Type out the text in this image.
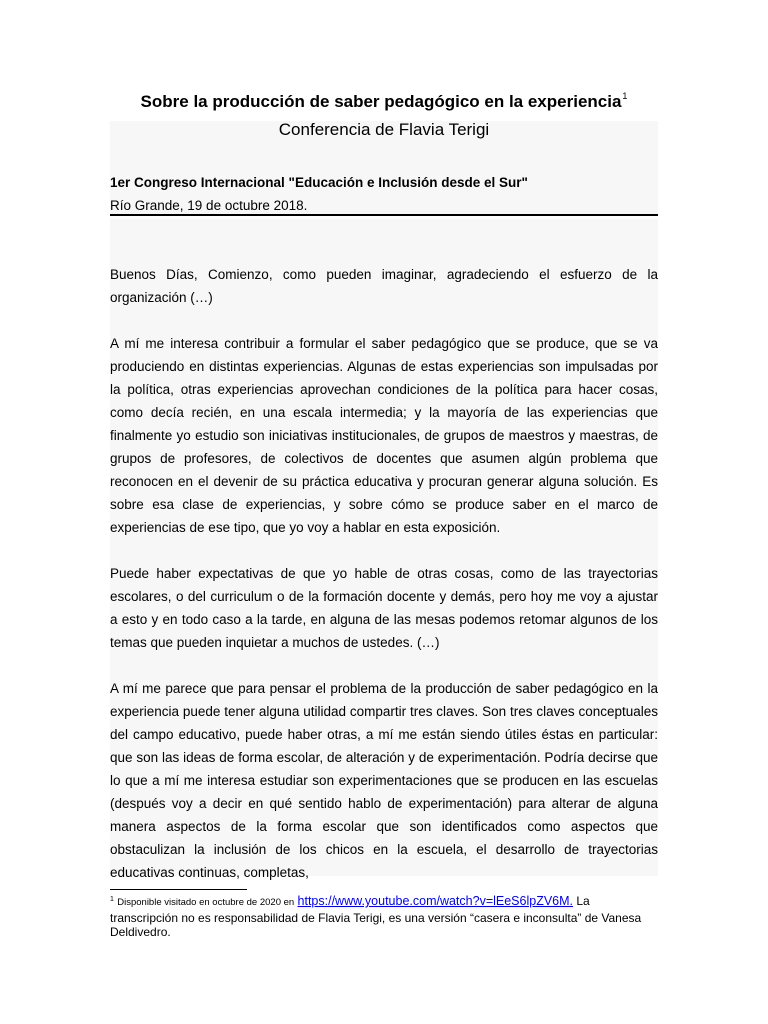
Sobre la producción de saber pedagógico en la experiencia$^1$
Conferencia de Flavia Terigi
1er Congreso Internacional "Educación e Inclusión desde el Sur"
Río Grande, 19 de octubre 2018.

Buenos Días, Comienzo, como pueden imaginar, agradeciendo el esfuerzo de la organización (…)

A mí me interesa contribuir a formular el saber pedagógico que se produce, que se va produciendo en distintas experiencias. Algunas de estas experiencias son impulsadas por la política, otras experiencias aprovechan condiciones de la política para hacer cosas, como decía recién, en una escala intermedia; y la mayoría de las experiencias que finalmente yo estudio son iniciativas institucionales, de grupos de maestros y maestras, de grupos de profesores, de colectivos de docentes que asumen algún problema que reconocen en el devenir de su práctica educativa y procuran generar alguna solución. Es sobre esa clase de experiencias, y sobre cómo se produce saber en el marco de experiencias de ese tipo, que yo voy a hablar en esta exposición.

Puede haber expectativas de que yo hable de otras cosas, como de las trayectorias escolares, o del curriculum o de la formación docente y demás, pero hoy me voy a ajustar a esto y en todo caso a la tarde, en alguna de las mesas podemos retomar algunos de los temas que pueden inquietar a muchos de ustedes. (…)

A mí me parece que para pensar el problema de la producción de saber pedagógico en la experiencia puede tener alguna utilidad compartir tres claves. Son tres claves conceptuales del campo educativo, puede haber otras, a mí me están siendo útiles éstas en particular: que son las ideas de forma escolar, de alteración y de experimentación. Podría decirse que lo que a mí me interesa estudiar son experimentaciones que se producen en las escuelas (después voy a decir en qué sentido hablo de experimentación) para alterar de alguna manera aspectos de la forma escolar que son identificados como aspectos que obstaculizan la inclusión de los chicos en la escuela, el desarrollo de trayectorias educativas continuas, completas,

$^1$ Disponible visitado en octubre de 2020 en https://www.youtube.com/watch?v=lEeS6lpZV6M. La transcripción no es responsabilidad de Flavia Terigi, es una versión “casera e inconsulta” de Vanesa Deldivedro.
